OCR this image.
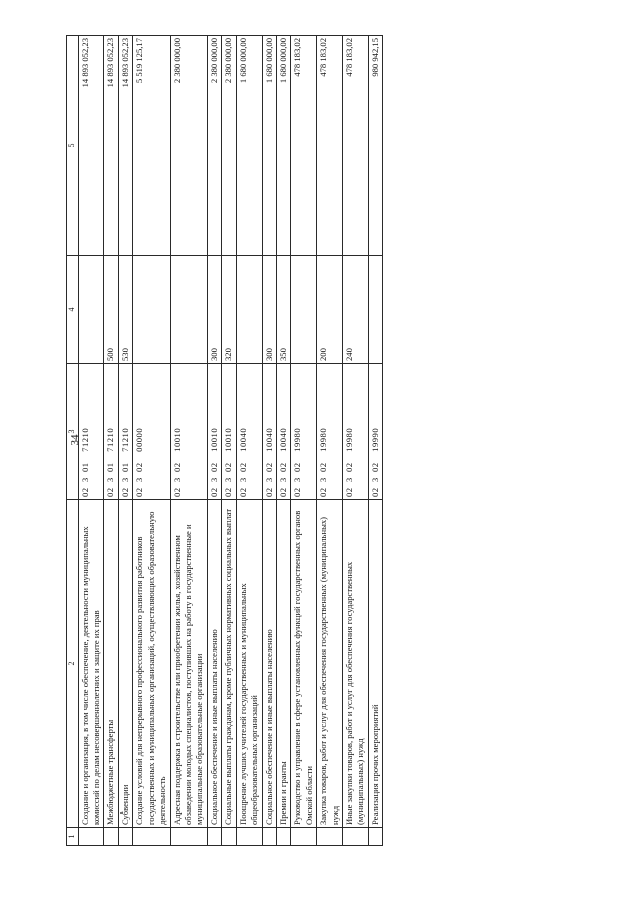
34
1	2	3	4	5
	Создание и организация, в том числе обеспечение, деятельности муниципальных комиссий по делам несовершеннолетних и защите их прав	02  3  01    71210		14 893 052,23
	Межбюджетные трансферты	02  3  01    71210	500	14 893 052,23
	Субвенции	02  3  01    71210	530	14 893 052,23
	Создание условий для непрерывного профессионального развития работников государственных и муниципальных организаций, осуществляющих образовательную деятельность	02  3  02    00000		5 519 125,17
	Адресная поддержка в строительстве или приобретении жилья, хозяйственном обзаведении молодых специалистов, поступивших на работу в государственные и муниципальные образовательные организации	02  3  02    10010		2 380 000,00
	Социальное обеспечение и иные выплаты населению	02  3  02    10010	300	2 380 000,00
	Социальные выплаты гражданам, кроме публичных нормативных социальных выплат	02  3  02    10010	320	2 380 000,00
	Поощрение лучших учителей государственных и муниципальных общеобразовательных организаций	02  3  02    10040		1 680 000,00
	Социальное обеспечение и иные выплаты населению	02  3  02    10040	300	1 680 000,00
	Премии и гранты	02  3  02    10040	350	1 680 000,00
	Руководство и управление в сфере установленных функций государственных органов Омской области	02  3  02    19980		478 183,02
	Закупка товаров, работ и услуг для обеспечения государственных (муниципальных) нужд	02  3  02    19980	200	478 183,02
	Иные закупки товаров, работ и услуг для обеспечения государственных (муниципальных) нужд	02  3  02    19980	240	478 183,02
	Реализация прочих мероприятий	02  3  02    19990		980 942,15
